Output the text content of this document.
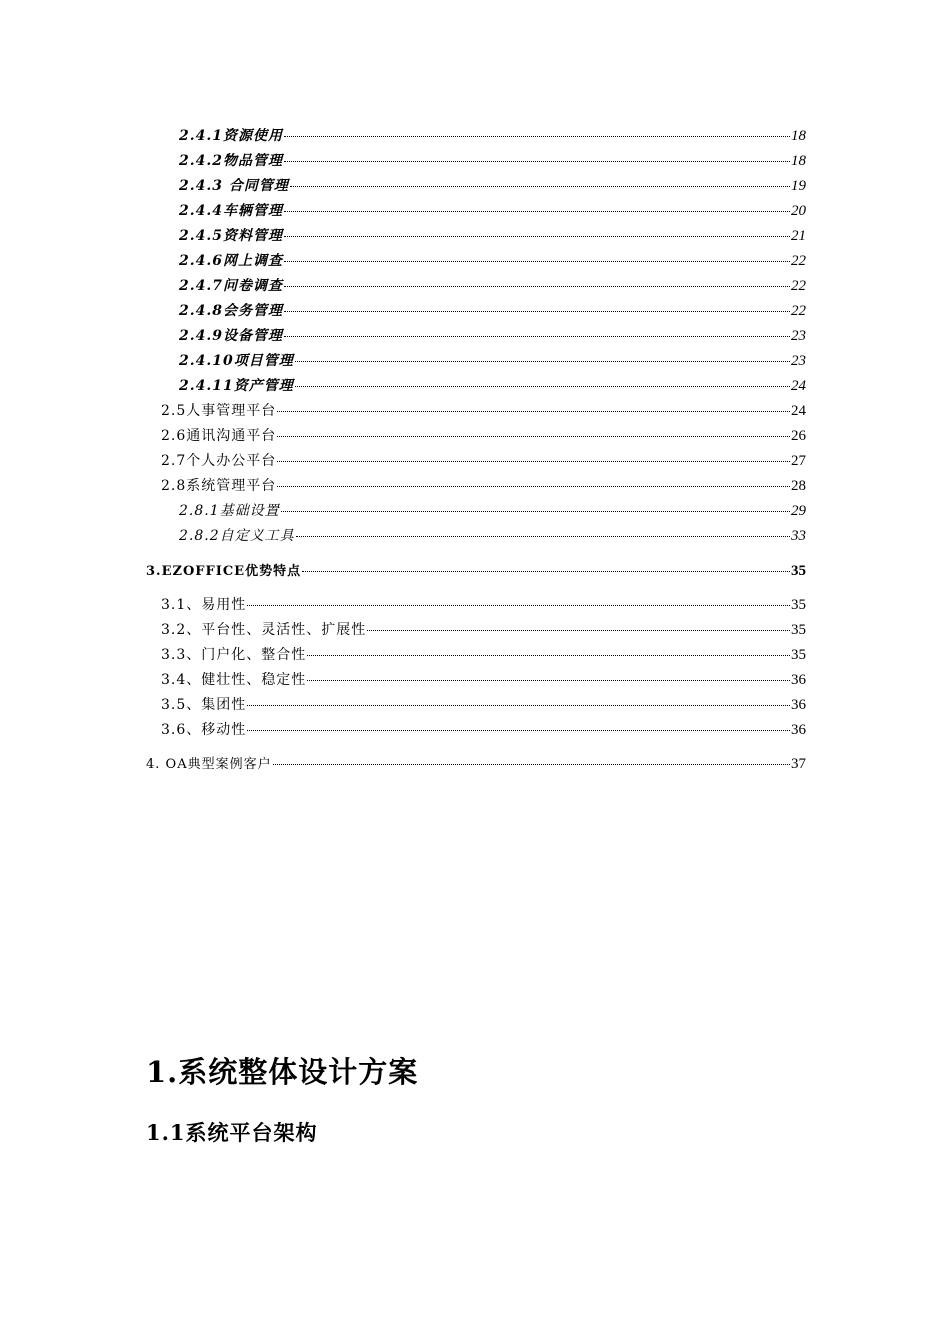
2.4.1资源使用	18
2.4.2物品管理	18
2.4.3 合同管理	19
2.4.4车辆管理	20
2.4.5资料管理	21
2.4.6网上调查	22
2.4.7问卷调查	22
2.4.8会务管理	22
2.4.9设备管理	23
2.4.10项目管理	23
2.4.11资产管理	24
2.5人事管理平台	24
2.6通讯沟通平台	26
2.7个人办公平台	27
2.8系统管理平台	28
2.8.1基础设置	29
2.8.2自定义工具	33
3.EZOFFICE优势特点	35
3.1、易用性	35
3.2、平台性、灵活性、扩展性	35
3.3、门户化、整合性	35
3.4、健壮性、稳定性	36
3.5、集团性	36
3.6、移动性	36
4. OA典型案例客户	37
1.系统整体设计方案
1.1系统平台架构
